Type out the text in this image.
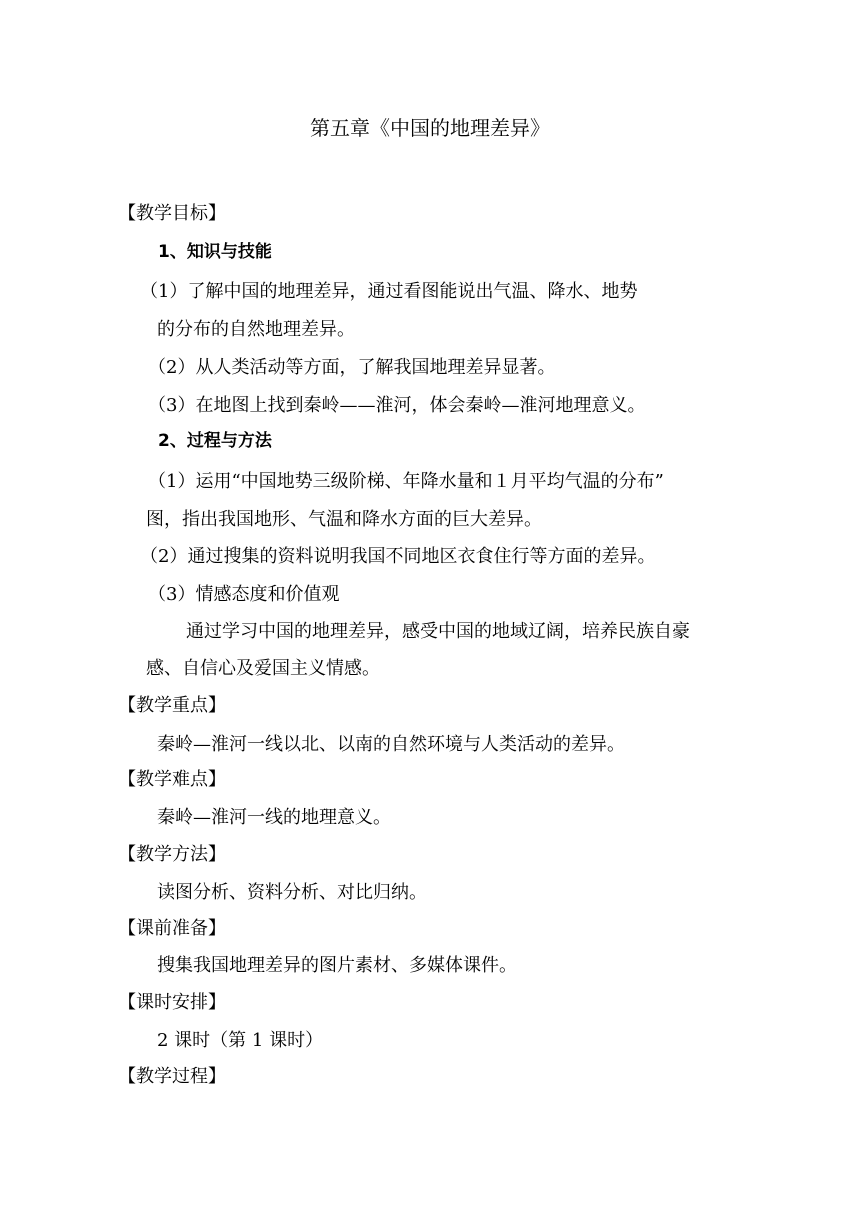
第五章《中国的地理差异》
【教学目标】
1、知识与技能
（1）了解中国的地理差异，通过看图能说出气温、降水、地势
的分布的自然地理差异。
（2）从人类活动等方面，了解我国地理差异显著。
（3）在地图上找到秦岭——淮河，体会秦岭—淮河地理意义。
2、过程与方法
（1）运用“中国地势三级阶梯、年降水量和１月平均气温的分布”
图，指出我国地形、气温和降水方面的巨大差异。
（2）通过搜集的资料说明我国不同地区衣食住行等方面的差异。
（3）情感态度和价值观
通过学习中国的地理差异，感受中国的地域辽阔，培养民族自豪
感、自信心及爱国主义情感。
【教学重点】
秦岭—淮河一线以北、以南的自然环境与人类活动的差异。
【教学难点】
秦岭—淮河一线的地理意义。
【教学方法】
读图分析、资料分析、对比归纳。
【课前准备】
搜集我国地理差异的图片素材、多媒体课件。
【课时安排】
2 课时（第 1 课时）
【教学过程】
